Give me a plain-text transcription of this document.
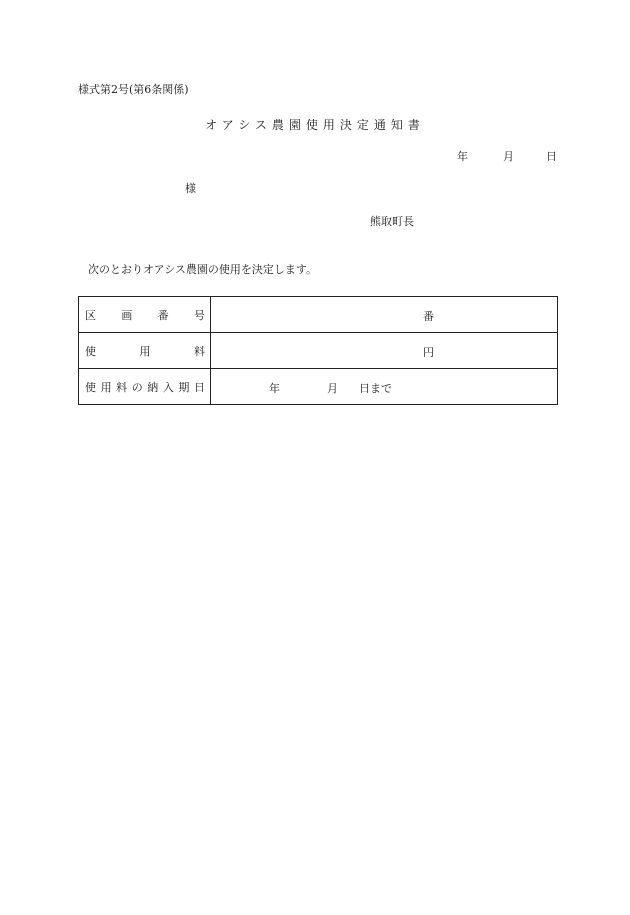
様式第2号(第6条関係)
オアシス農園使用決定通知書
年	月	日
様
熊取町長
次のとおりオアシス農園の使用を決定します。
区画番号	番

使用料	円

使用料の納入期日	年 月 日まで
